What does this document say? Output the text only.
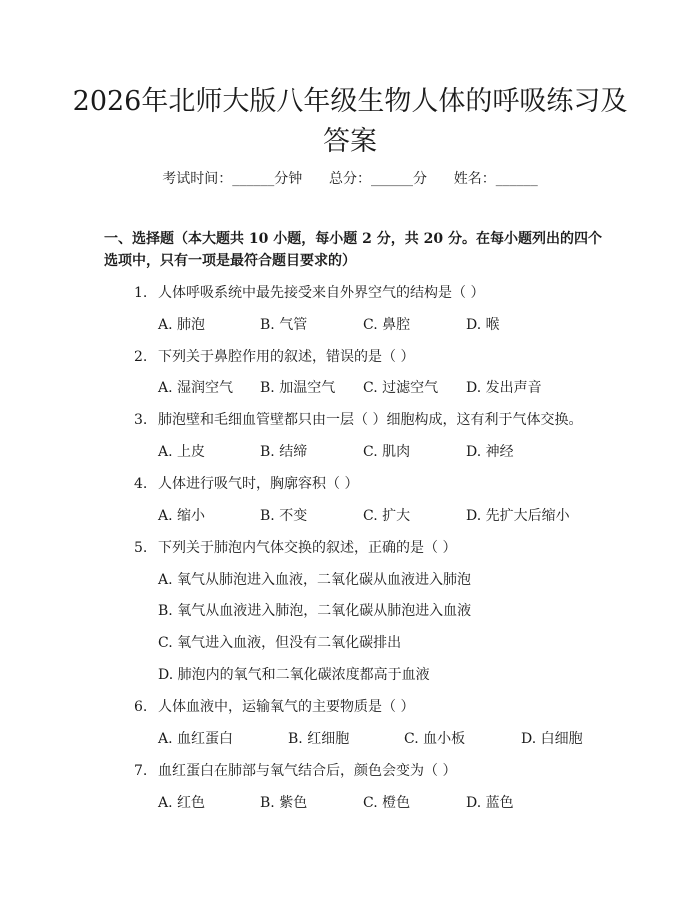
2026年北师大版八年级生物人体的呼吸练习及答案
考试时间：______分钟 总分：______分 姓名：______
一、选择题（本大题共 10 小题，每小题 2 分，共 20 分。在每小题列出的四个选项中，只有一项是最符合题目要求的）
1. 人体呼吸系统中最先接受来自外界空气的结构是（ ）
A. 肺泡	B. 气管	C. 鼻腔	D. 喉
2. 下列关于鼻腔作用的叙述，错误的是（ ）
A. 湿润空气 B. 加温空气 C. 过滤空气 D. 发出声音
3. 肺泡壁和毛细血管壁都只由一层（ ）细胞构成，这有利于气体交换。
A. 上皮	B. 结缔	C. 肌肉	D. 神经
4. 人体进行吸气时，胸廓容积（ ）
A. 缩小	B. 不变	C. 扩大	D. 先扩大后缩小
5. 下列关于肺泡内气体交换的叙述，正确的是（ ）
A. 氧气从肺泡进入血液，二氧化碳从血液进入肺泡
B. 氧气从血液进入肺泡，二氧化碳从肺泡进入血液
C. 氧气进入血液，但没有二氧化碳排出
D. 肺泡内的氧气和二氧化碳浓度都高于血液
6. 人体血液中，运输氧气的主要物质是（ ）
A. 血红蛋白	B. 红细胞	C. 血小板	D. 白细胞
7. 血红蛋白在肺部与氧气结合后，颜色会变为（ ）
A. 红色	B. 紫色	C. 橙色	D. 蓝色
